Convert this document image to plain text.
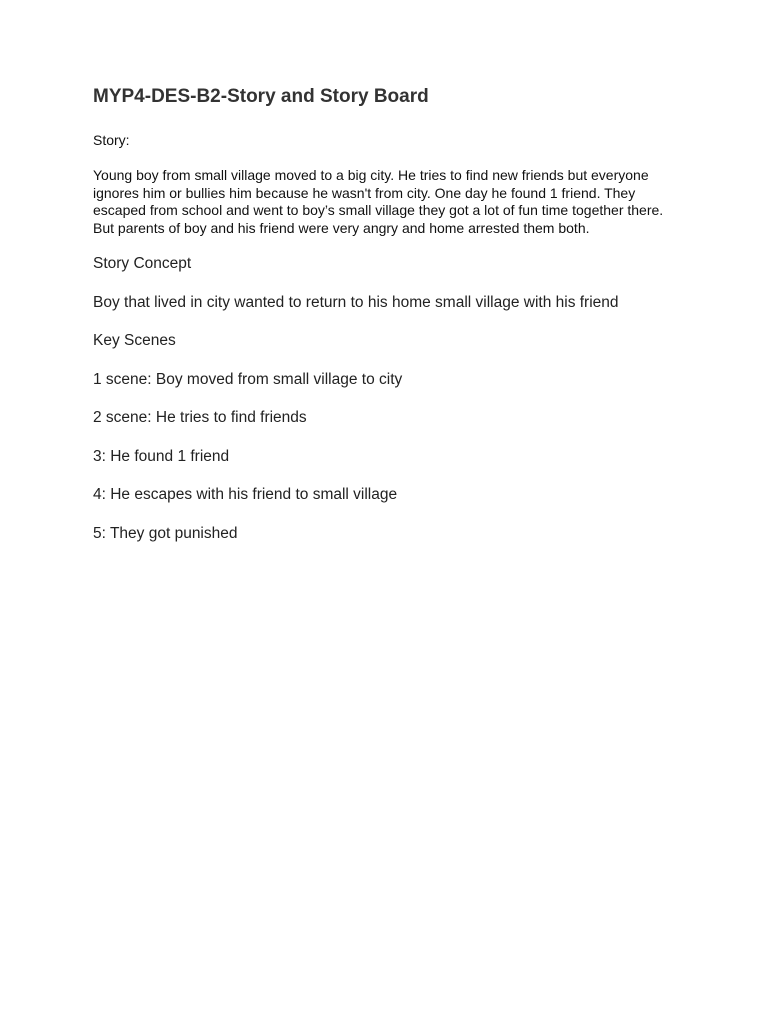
MYP4-DES-B2-Story and Story Board

Story:

Young boy from small village moved to a big city. He tries to find new friends but everyone ignores him or bullies him because he wasn't from city. One day he found 1 friend. They escaped from school and went to boy’s small village they got a lot of fun time together there. But parents of boy and his friend were very angry and home arrested them both.

Story Concept

Boy that lived in city wanted to return to his home small village with his friend

Key Scenes

1 scene: Boy moved from small village to city

2 scene: He tries to find friends

3: He found 1 friend

4: He escapes with his friend to small village

5: They got punished
